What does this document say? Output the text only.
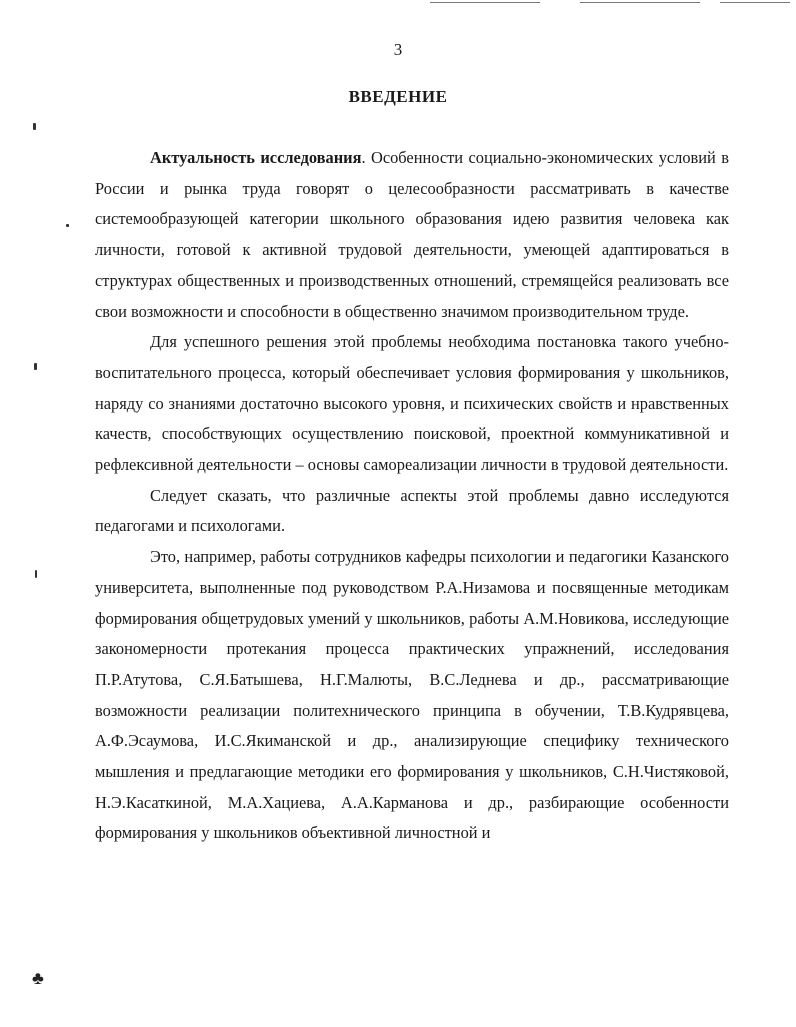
3
ВВЕДЕНИЕ

Актуальность исследования. Особенности социально-экономических условий в России и рынка труда говорят о целесообразности рассматривать в качестве системообразующей категории школьного образования идею развития человека как личности, готовой к активной трудовой деятельности, умеющей адаптироваться в структурах общественных и производственных отношений, стремящейся реализовать все свои возможности и способности в общественно значимом производительном труде.

Для успешного решения этой проблемы необходима постановка такого учебно-воспитательного процесса, который обеспечивает условия формирования у школьников, наряду со знаниями достаточно высокого уровня, и психических свойств и нравственных качеств, способствующих осуществлению поисковой, проектной коммуникативной и рефлексивной деятельности – основы самореализации личности в трудовой деятельности.

Следует сказать, что различные аспекты этой проблемы давно исследуются педагогами и психологами.

Это, например, работы сотрудников кафедры психологии и педагогики Казанского университета, выполненные под руководством Р.А.Низамова и посвященные методикам формирования общетрудовых умений у школьников, работы А.М.Новикова, исследующие закономерности протекания процесса практических упражнений, исследования П.Р.Атутова, С.Я.Батышева, Н.Г.Малюты, В.С.Леднева и др., рассматривающие возможности реализации политехнического принципа в обучении, Т.В.Кудрявцева, А.Ф.Эсаумова, И.С.Якиманской и др., анализирующие специфику технического мышления и предлагающие методики его формирования у школьников, С.Н.Чистяковой, Н.Э.Касаткиной, М.А.Хациева, А.А.Карманова и др., разбирающие особенности формирования у школьников объективной личностной и

♣
